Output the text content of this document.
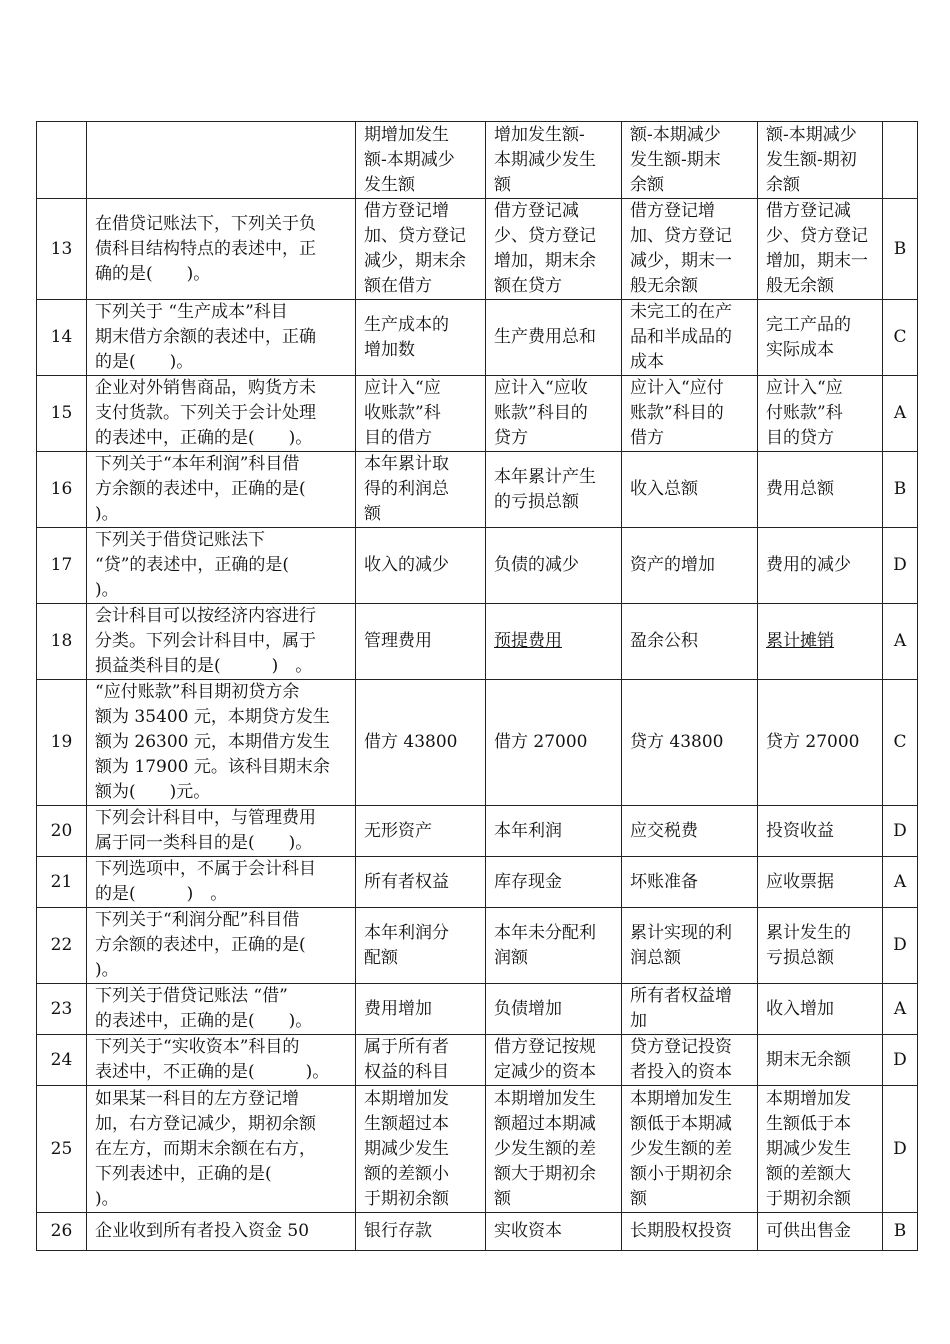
		期增加发生
额-本期减少
发生额	增加发生额-
本期减少发生
额	额-本期减少
发生额-期末
余额	额-本期减少
发生额-期初
余额	
13	在借贷记账法下，下列关于负
债科目结构特点的表述中，正
确的是(　　)。	借方登记增
加、贷方登记
减少，期末余
额在借方	借方登记减
少、贷方登记
增加，期末余
额在贷方	借方登记增
加、贷方登记
减少，期末一
般无余额	借方登记减
少、贷方登记
增加，期末一
般无余额	B
14	下列关于 “生产成本”科目
期末借方余额的表述中，正确
的是(　　)。	生产成本的
增加数	生产费用总和	未完工的在产
品和半成品的
成本	完工产品的
实际成本	C
15	企业对外销售商品，购货方未
支付货款。下列关于会计处理
的表述中，正确的是(　　)。	应计入“应
收账款”科
目的借方	应计入“应收
账款”科目的
贷方	应计入“应付
账款”科目的
借方	应计入“应
付账款”科
目的贷方	A
16	下列关于“本年利润”科目借
方余额的表述中，正确的是(
)。	本年累计取
得的利润总
额	本年累计产生
的亏损总额	收入总额	费用总额	B
17	下列关于借贷记账法下
“贷”的表述中，正确的是(
)。	收入的减少	负债的减少	资产的增加	费用的减少	D
18	会计科目可以按经济内容进行
分类。下列会计科目中，属于
损益类科目的是(　　　)　。	管理费用	预提费用	盈余公积	累计摊销	A
19	“应付账款”科目期初贷方余
额为 35400 元，本期贷方发生
额为 26300 元，本期借方发生
额为 17900 元。该科目期末余
额为(　　)元。	借方 43800	借方 27000	贷方 43800	贷方 27000	C
20	下列会计科目中，与管理费用
属于同一类科目的是(　　)。	无形资产	本年利润	应交税费	投资收益	D
21	下列选项中，不属于会计科目
的是(　　　)　。	所有者权益	库存现金	坏账准备	应收票据	A
22	下列关于“利润分配”科目借
方余额的表述中，正确的是(
)。	本年利润分
配额	本年未分配利
润额	累计实现的利
润总额	累计发生的
亏损总额	D
23	下列关于借贷记账法 “借”
的表述中，正确的是(　　)。	费用增加	负债增加	所有者权益增
加	收入增加	A
24	下列关于“实收资本”科目的
表述中，不正确的是(　　　)。	属于所有者
权益的科目	借方登记按规
定减少的资本	贷方登记投资
者投入的资本	期末无余额	D
25	如果某一科目的左方登记增
加，右方登记减少，期初余额
在左方，而期末余额在右方，
下列表述中，正确的是(
)。	本期增加发
生额超过本
期减少发生
额的差额小
于期初余额	本期增加发生
额超过本期减
少发生额的差
额大于期初余
额	本期增加发生
额低于本期减
少发生额的差
额小于期初余
额	本期增加发
生额低于本
期减少发生
额的差额大
于期初余额	D
26	企业收到所有者投入资金 50	银行存款	实收资本	长期股权投资	可供出售金	B
